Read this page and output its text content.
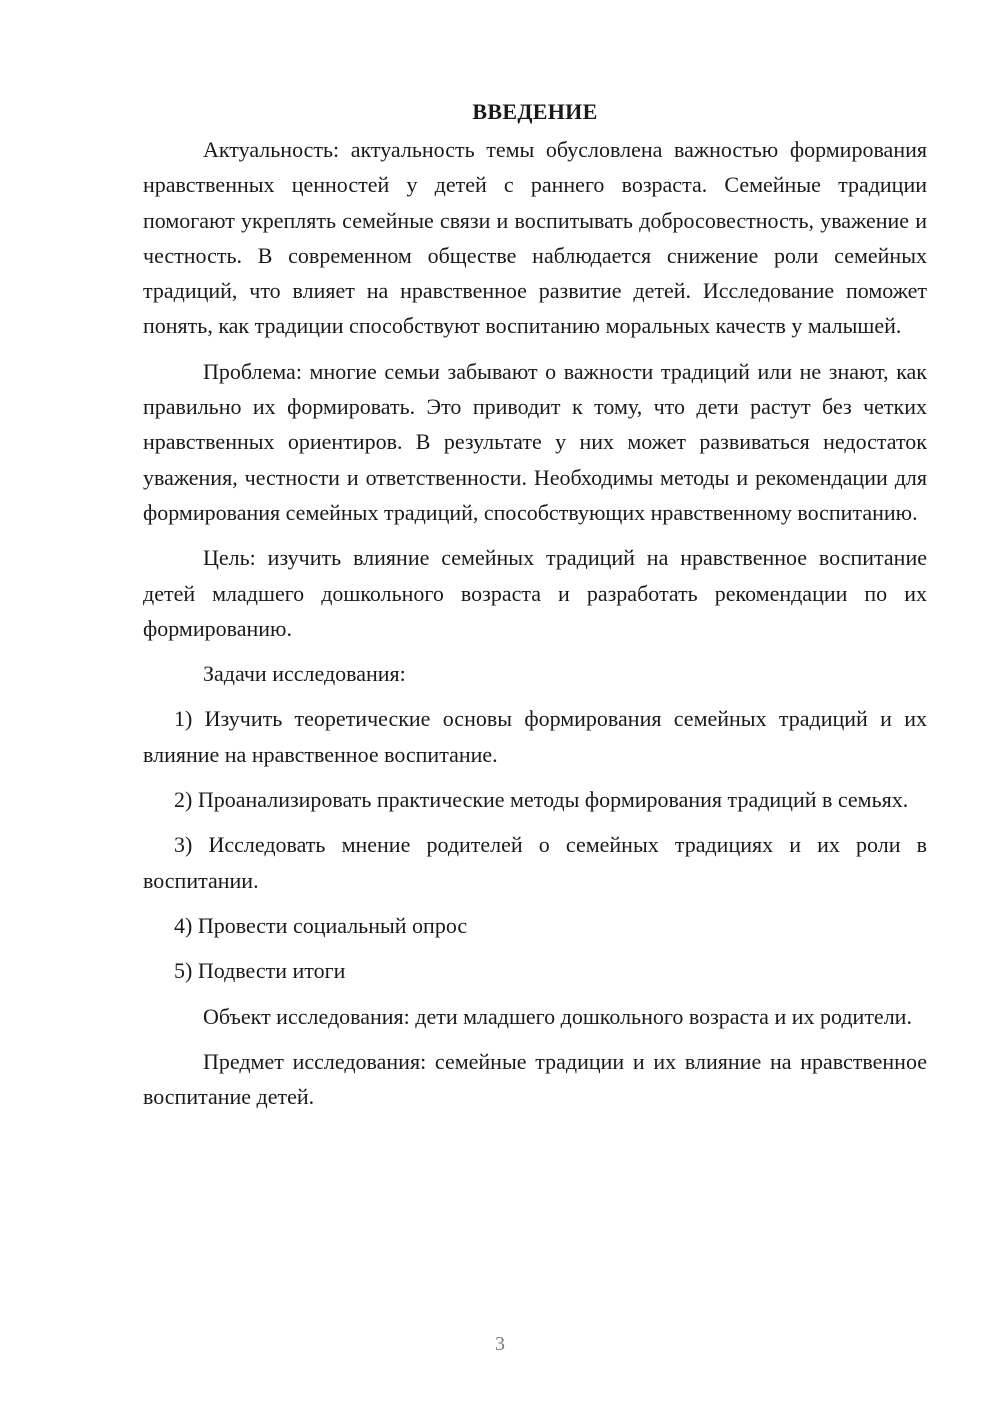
ВВЕДЕНИЕ

Актуальность: актуальность темы обусловлена важностью формирования нравственных ценностей у детей с раннего возраста. Семейные традиции помогают укреплять семейные связи и воспитывать добросовестность, уважение и честность. В современном обществе наблюдается снижение роли семейных традиций, что влияет на нравственное развитие детей. Исследование поможет понять, как традиции способствуют воспитанию моральных качеств у малышей.

Проблема: многие семьи забывают о важности традиций или не знают, как правильно их формировать. Это приводит к тому, что дети растут без четких нравственных ориентиров. В результате у них может развиваться недостаток уважения, честности и ответственности. Необходимы методы и рекомендации для формирования семейных традиций, способствующих нравственному воспитанию.

Цель: изучить влияние семейных традиций на нравственное воспитание детей младшего дошкольного возраста и разработать рекомендации по их формированию.

Задачи исследования:

1) Изучить теоретические основы формирования семейных традиций и их влияние на нравственное воспитание.

2) Проанализировать практические методы формирования традиций в семьях.

3) Исследовать мнение родителей о семейных традициях и их роли в воспитании.

4) Провести социальный опрос

5) Подвести итоги

Объект исследования: дети младшего дошкольного возраста и их родители.

Предмет исследования: семейные традиции и их влияние на нравственное воспитание детей.

3
